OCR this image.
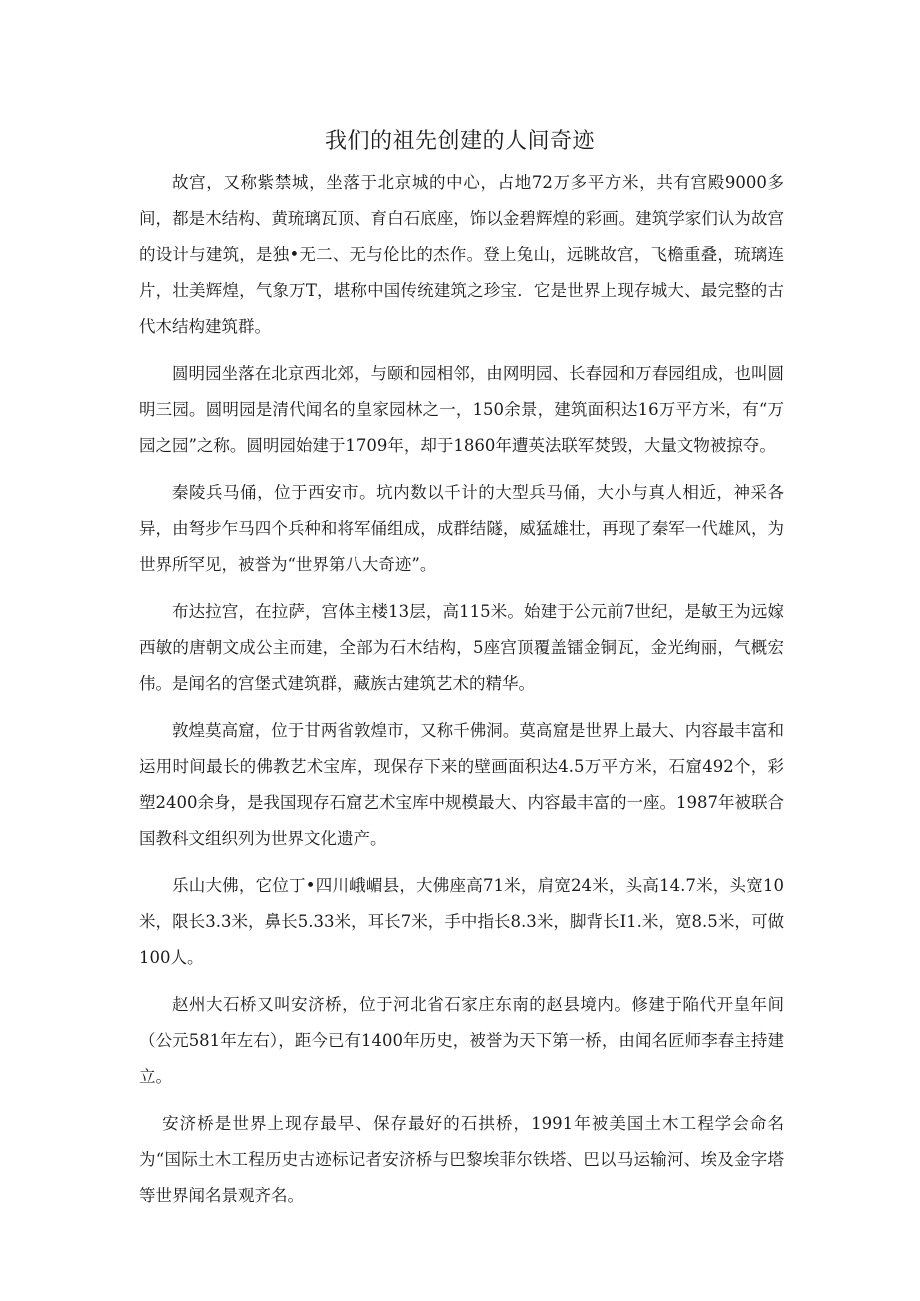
我们的祖先创建的人间奇迹

故宫，又称紫禁城，坐落于北京城的中心，占地72万多平方米，共有宫殿9000多间，都是木结构、黄琉璃瓦顶、育白石底座，饰以金碧辉煌的彩画。建筑学家们认为故宫的设计与建筑，是独•无二、无与伦比的杰作。登上兔山，远眺故宫，飞檐重叠，琉璃连片，壮美辉煌，气象万T，堪称中国传统建筑之珍宝．它是世界上现存城大、最完整的古代木结构建筑群。

圆明园坐落在北京西北郊，与颐和园相邻，由网明园、长春园和万春园组成，也叫圆明三园。圆明园是清代闻名的皇家园林之一，150余景，建筑面积达16万平方米，有“万园之园”之称。圆明园始建于1709年，却于1860年遭英法联军焚毁，大量文物被掠夺。

秦陵兵马俑，位于西安市。坑内数以千计的大型兵马俑，大小与真人相近，神采各异，由弩步乍马四个兵种和将军俑组成，成群结隧，威猛雄壮，再现了秦军一代雄风，为世界所罕见，被誉为“世界第八大奇迹”。

布达拉宫，在拉萨，宫体主楼13层，高115米。始建于公元前7世纪，是敏王为远嫁西敏的唐朝文成公主而建，全部为石木结构，5座宫顶覆盖镭金铜瓦，金光绚丽，气概宏伟。是闻名的宫堡式建筑群，藏族古建筑艺术的精华。

敦煌莫高窟，位于甘两省敦煌市，又称千佛洞。莫高窟是世界上最大、内容最丰富和运用时间最长的佛教艺术宝库，现保存下来的壁画面积达4.5万平方米，石窟492个，彩塑2400余身，是我国现存石窟艺术宝库中规模最大、内容最丰富的一座。1987年被联合国教科文组织列为世界文化遗产。

乐山大佛，它位丁•四川峨嵋县，大佛座高71米，肩宽24米，头高14.7米，头宽10米，限长3.3米，鼻长5.33米，耳长7米，手中指长8.3米，脚背长I1.米，宽8.5米，可做100人。

赵州大石桥又叫安济桥，位于河北省石家庄东南的赵县境内。修建于陥代开皇年间（公元581年左右），距今已有1400年历史，被誉为天下第一桥，由闻名匠师李春主持建立。

安济桥是世界上现存最早、保存最好的石拱桥，1991年被美国土木工程学会命名为“国际土木工程历史古迹标记者安济桥与巴黎埃菲尔铁塔、巴以马运输河、埃及金字塔等世界闻名景观齐名。
